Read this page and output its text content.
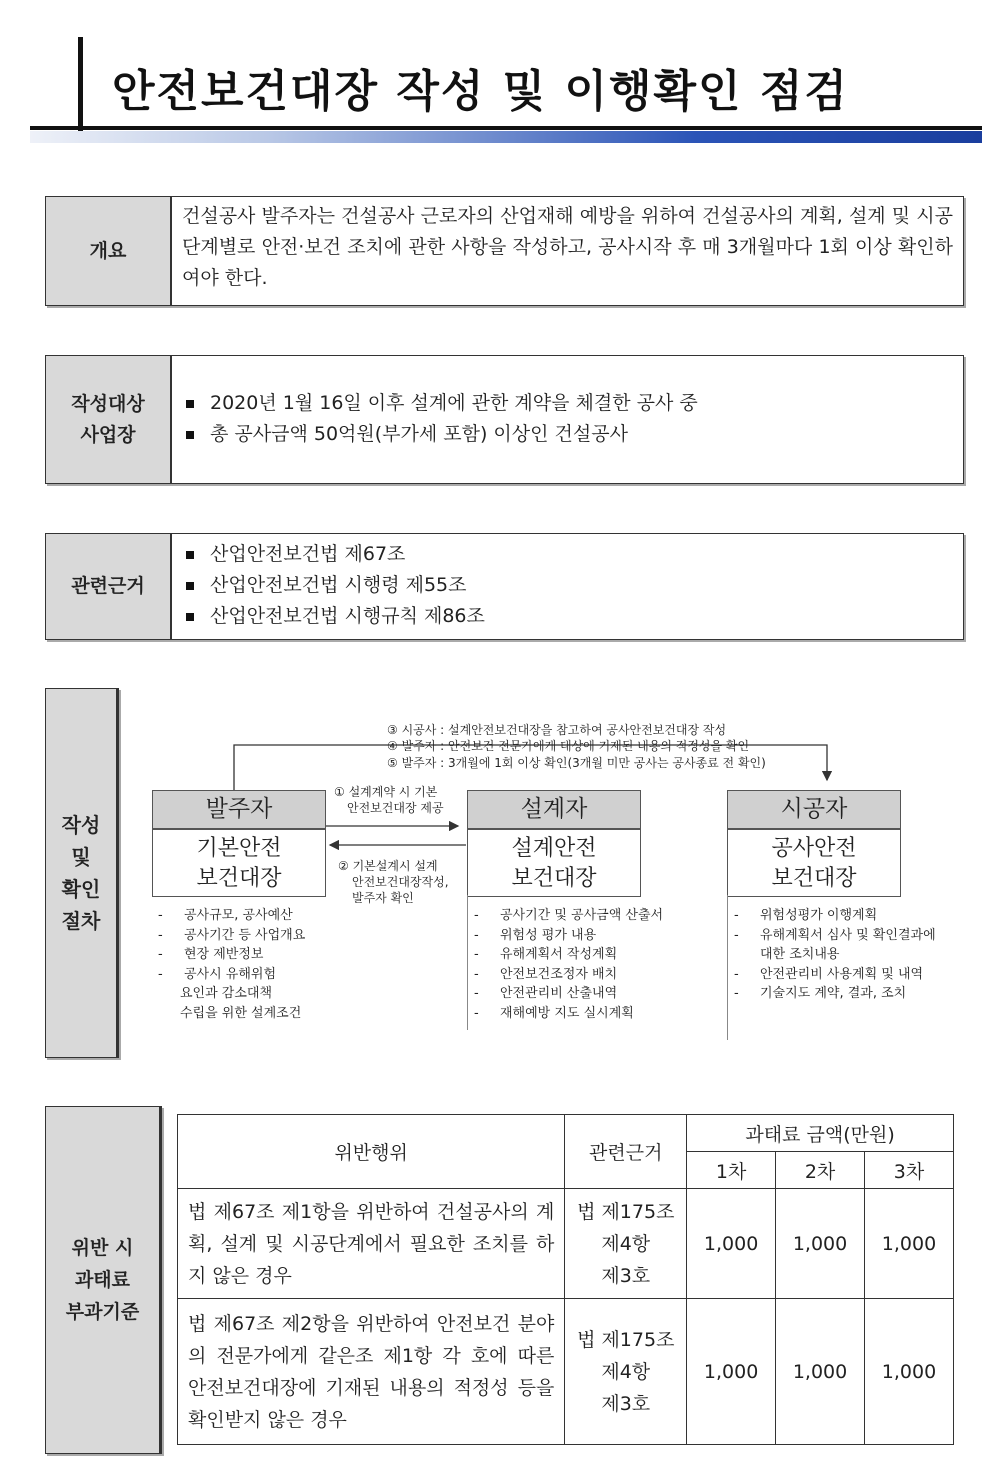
안전보건대장 작성 및 이행확인 점검
개요
건설공사 발주자는 건설공사 근로자의 산업재해 예방을 위하여 건설공사의 계획, 설계 및 시공 단계별로 안전·보건 조치에 관한 사항을 작성하고, 공사시작 후 매 3개월마다 1회 이상 확인하여야 한다.
작성대상
사업장
2020년 1월 16일 이후 설계에 관한 계약을 체결한 공사 중
총 공사금액 50억원(부가세 포함) 이상인 건설공사
관련근거
산업안전보건법 제67조
산업안전보건법 시행령 제55조
산업안전보건법 시행규칙 제86조
작성
및
확인
절차
③ 시공사 : 설계안전보건대장을 참고하여 공사안전보건대장 작성
④ 발주자 : 안전보건 전문가에게 대상에 기재된 내용의 적정성을 확인
⑤ 발주자 : 3개월에 1회 이상 확인(3개월 미만 공사는 공사종료 전 확인)
① 설계계약 시 기본
안전보건대장 제공
② 기본설계시 설계
안전보건대장작성,
발주자 확인
발주자
기본안전
보건대장
-	공사규모, 공사예산
-	공사기간 등 사업개요
-	현장 제반정보
-	공사시 유해위험
요인과 감소대책
수립을 위한 설계조건
설계자
설계안전
보건대장
-	공사기간 및 공사금액 산출서
-	위험성 평가 내용
-	유해계획서 작성계획
-	안전보건조정자 배치
-	안전관리비 산출내역
-	재해예방 지도 실시계획
시공자
공사안전
보건대장
-	위험성평가 이행계획
-	유해계획서 심사 및 확인결과에
대한 조치내용
-	안전관리비 사용계획 및 내역
-	기술지도 계약, 결과, 조치
위반 시
과태료
부과기준
위반행위	관련근거	과태료 금액(만원)		
		1차	2차	3차
법 제67조 제1항을 위반하여 건설공사의 계획, 설계 및 시공단계에서 필요한 조치를 하지 않은 경우	법 제175조
제4항
제3호	1,000	1,000	1,000
법 제67조 제2항을 위반하여 안전보건 분야의 전문가에게 같은조 제1항 각 호에 따른 안전보건대장에 기재된 내용의 적정성 등을 확인받지 않은 경우	법 제175조
제4항
제3호	1,000	1,000	1,000
